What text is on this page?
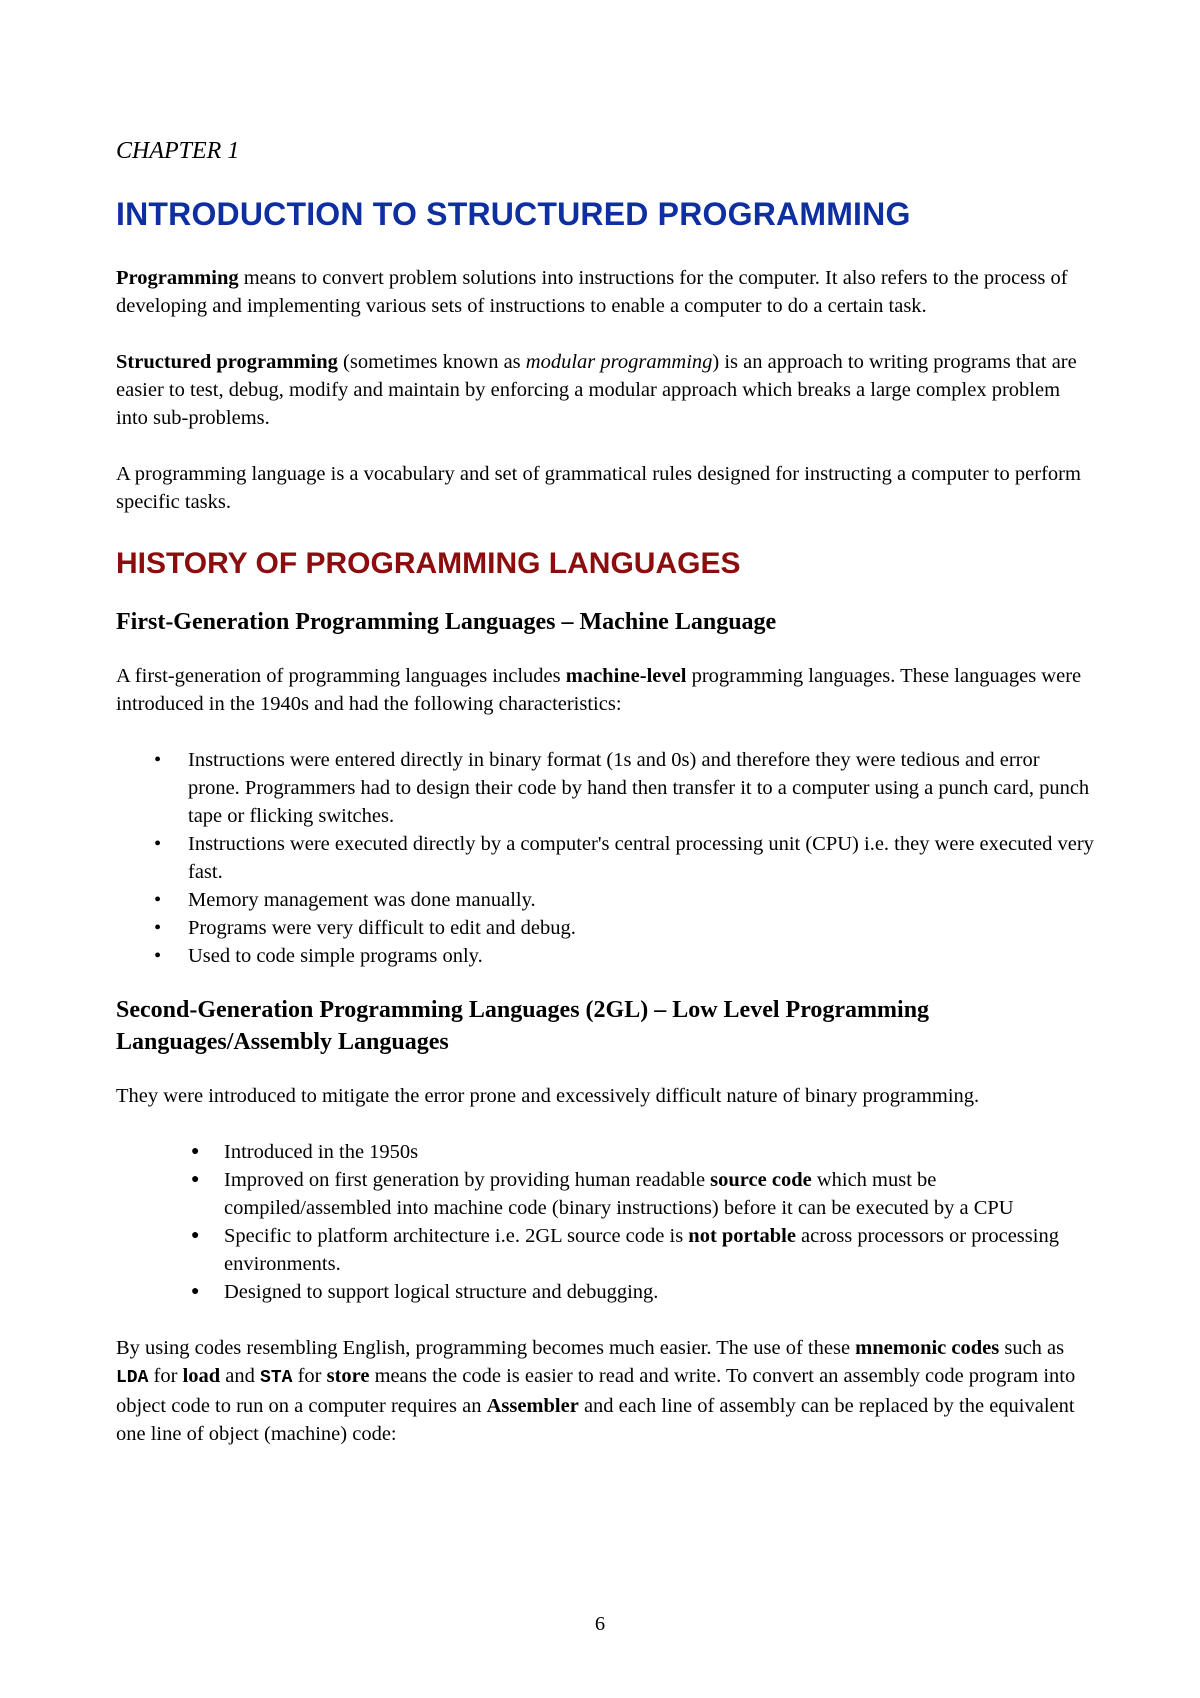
CHAPTER 1

INTRODUCTION TO STRUCTURED PROGRAMMING

Programming means to convert problem solutions into instructions for the computer. It also refers to the process of developing and implementing various sets of instructions to enable a computer to do a certain task.

Structured programming (sometimes known as modular programming) is an approach to writing programs that are easier to test, debug, modify and maintain by enforcing a modular approach which breaks a large complex problem into sub-problems.

A programming language is a vocabulary and set of grammatical rules designed for instructing a computer to perform specific tasks.

HISTORY OF PROGRAMMING LANGUAGES
First-Generation Programming Languages – Machine Language

A first-generation of programming languages includes machine-level programming languages. These languages were introduced in the 1940s and had the following characteristics:

• Instructions were entered directly in binary format (1s and 0s) and therefore they were tedious and error prone. Programmers had to design their code by hand then transfer it to a computer using a punch card, punch tape or flicking switches.
• Instructions were executed directly by a computer's central processing unit (CPU) i.e. they were executed very fast.
• Memory management was done manually.
• Programs were very difficult to edit and debug.
• Used to code simple programs only.
Second-Generation Programming Languages (2GL) – Low Level Programming Languages/Assembly Languages

They were introduced to mitigate the error prone and excessively difficult nature of binary programming.

● Introduced in the 1950s
● Improved on first generation by providing human readable source code which must be compiled/assembled into machine code (binary instructions) before it can be executed by a CPU
● Specific to platform architecture i.e. 2GL source code is not portable across processors or processing environments.
● Designed to support logical structure and debugging.

By using codes resembling English, programming becomes much easier. The use of these mnemonic codes such as LDA for load and STA for store means the code is easier to read and write. To convert an assembly code program into object code to run on a computer requires an Assembler and each line of assembly can be replaced by the equivalent one line of object (machine) code:

6
